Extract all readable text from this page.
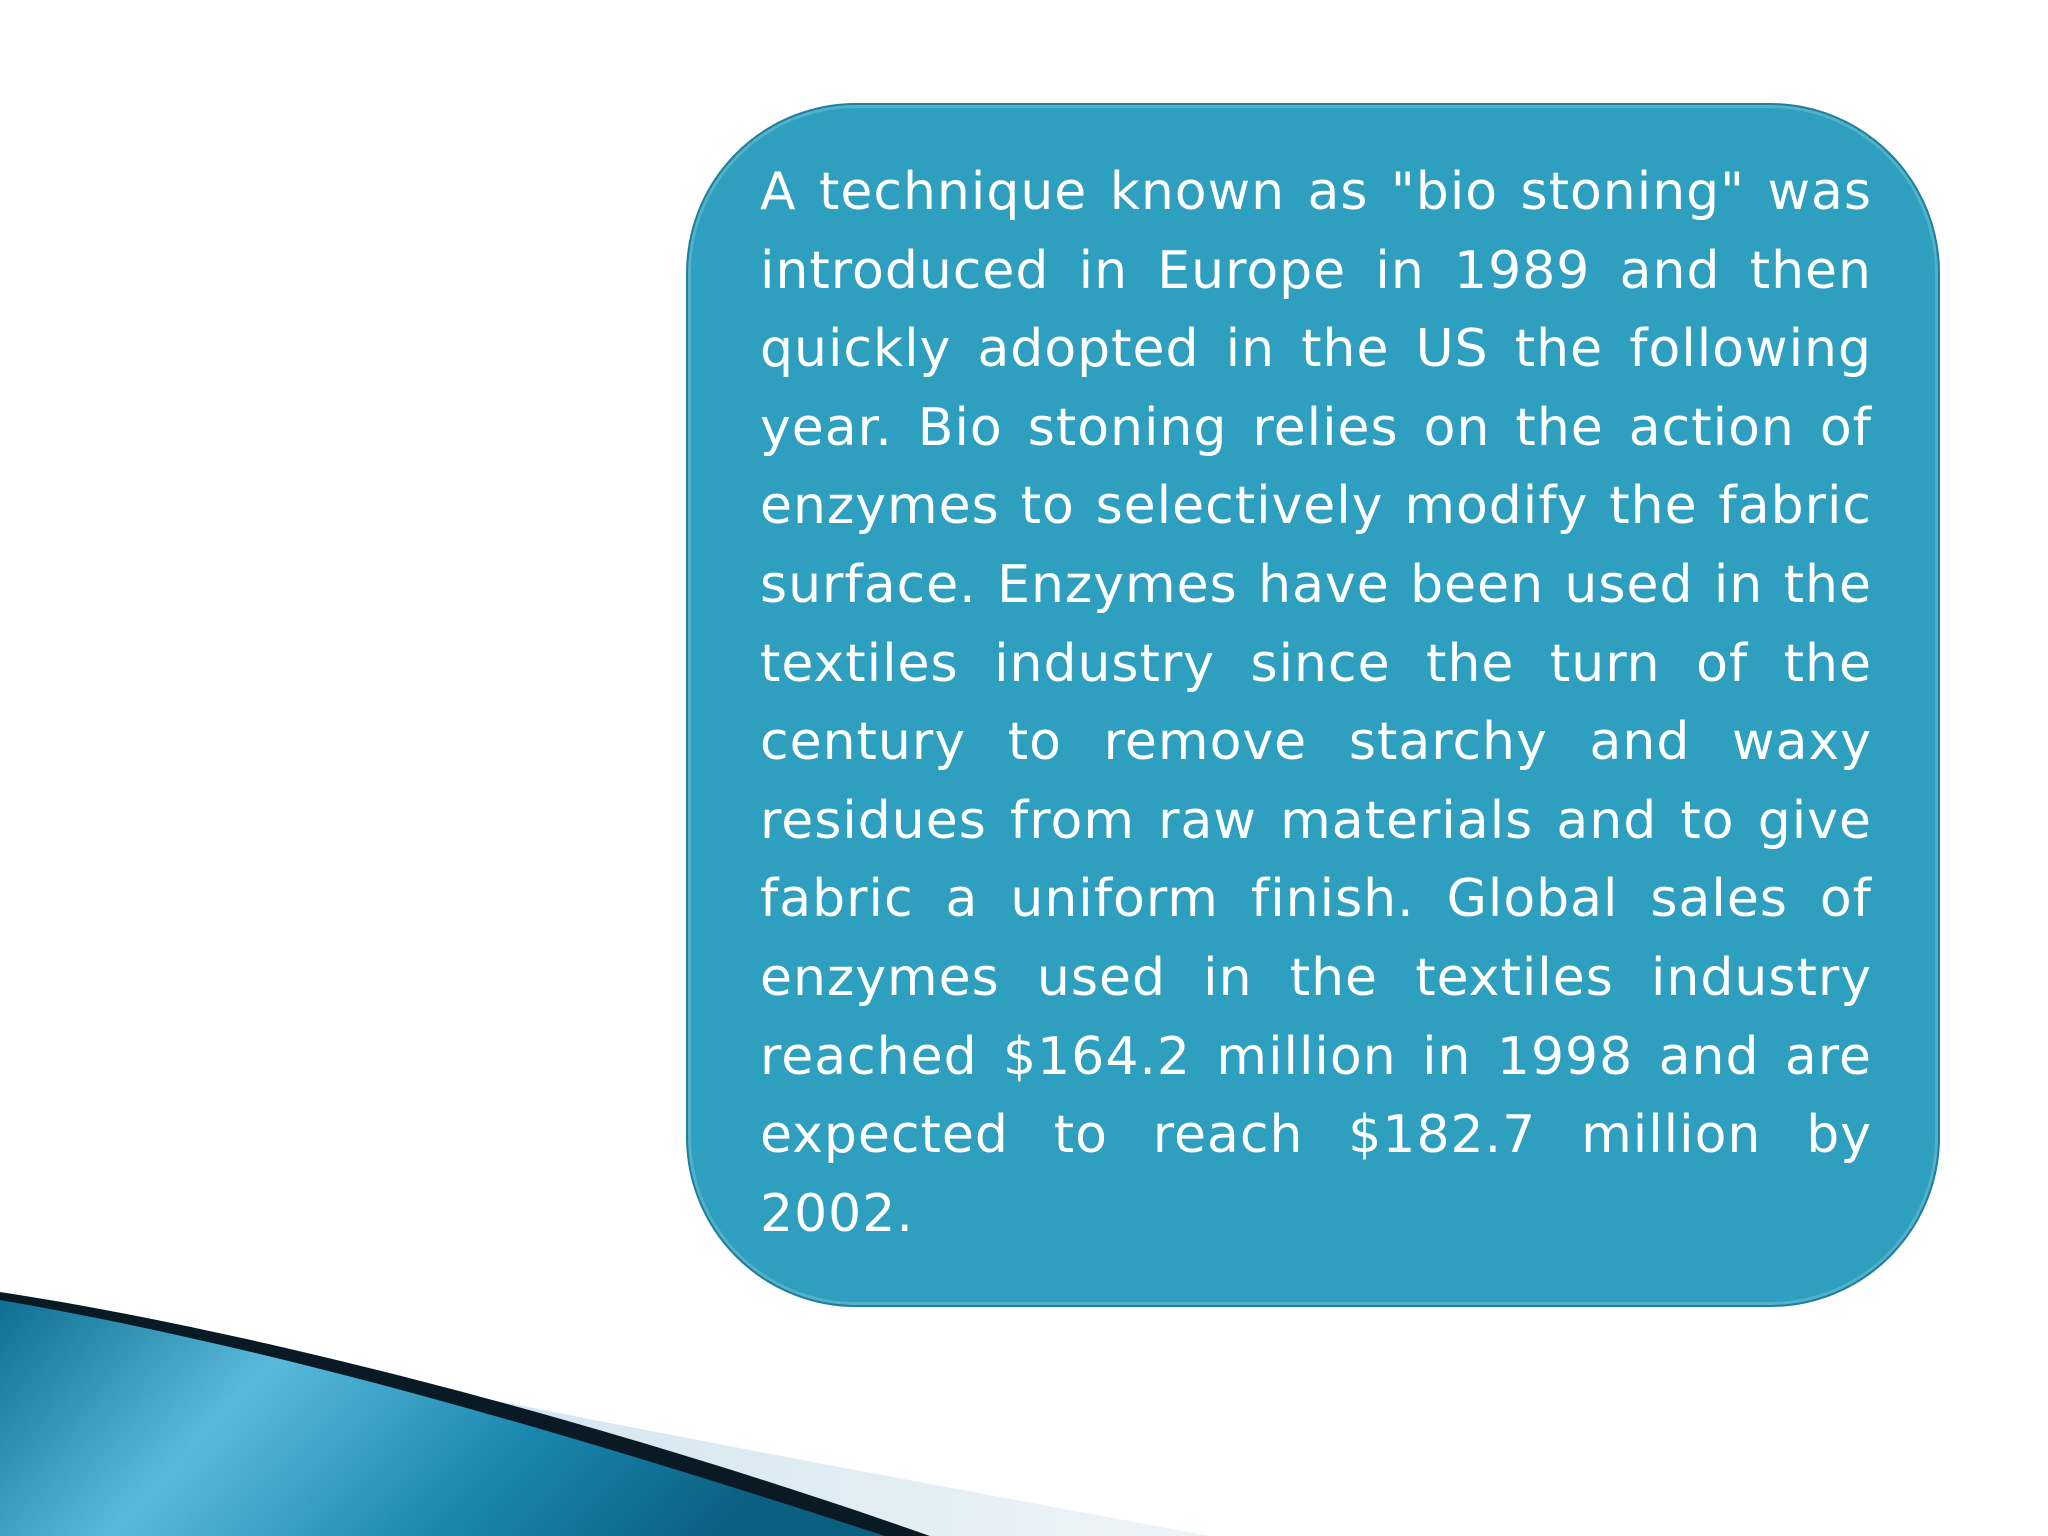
A technique known as "bio stoning" was introduced in Europe in 1989 and then quickly adopted in the US the following year. Bio stoning relies on the action of enzymes to selectively modify the fabric surface. Enzymes have been used in the textiles industry since the turn of the century to remove starchy and waxy residues from raw materials and to give fabric a uniform finish. Global sales of enzymes used in the textiles industry reached $164.2 million in 1998 and are expected to reach $182.7 million by 2002.
